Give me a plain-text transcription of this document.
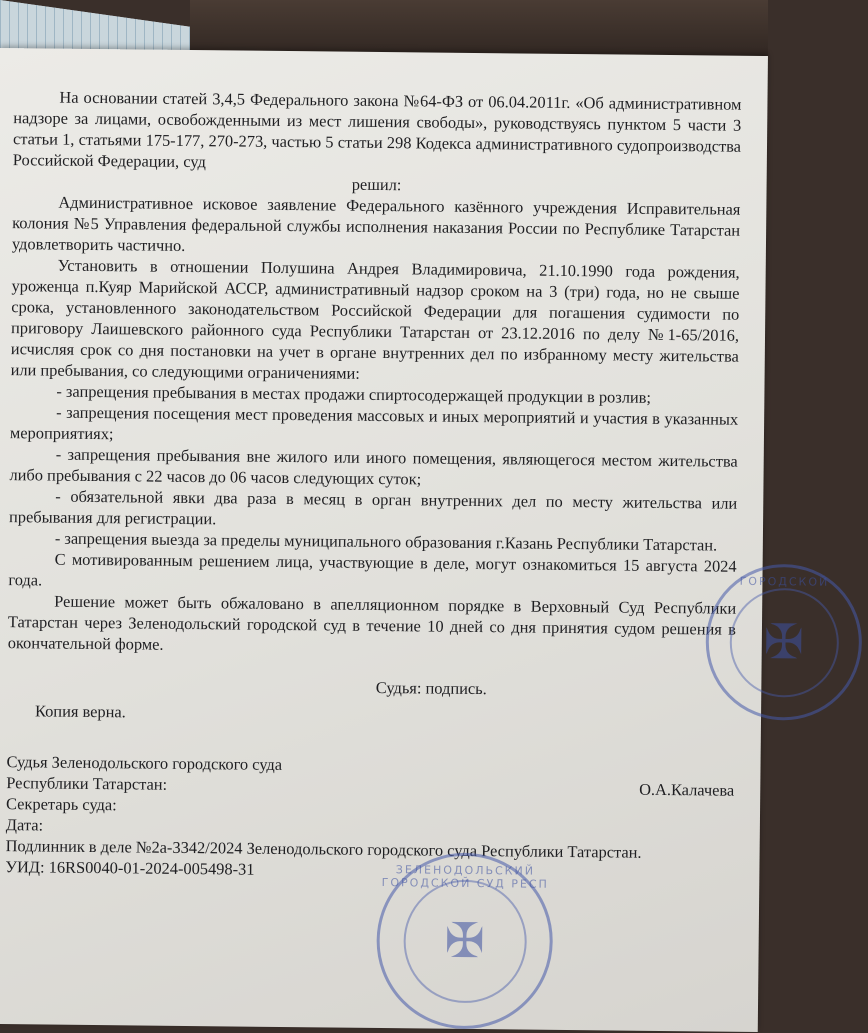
На основании статей 3,4,5 Федерального закона №64-ФЗ от 06.04.2011г. «Об административном надзоре за лицами, освобожденными из мест лишения свободы», руководствуясь пунктом 5 части 3 статьи 1, статьями 175-177, 270-273, частью 5 статьи 298 Кодекса административного судопроизводства Российской Федерации, суд

решил:

Административное исковое заявление Федерального казённого учреждения Исправительная колония №5 Управления федеральной службы исполнения наказания России по Республике Татарстан удовлетворить частично.

Установить в отношении Полушина Андрея Владимировича, 21.10.1990 года рождения, уроженца п.Куяр Марийской АССР, административный надзор сроком на 3 (три) года, но не свыше срока, установленного законодательством Российской Федерации для погашения судимости по приговору Лаишевского районного суда Республики Татарстан от 23.12.2016 по делу №1-65/2016, исчисляя срок со дня постановки на учет в органе внутренних дел по избранному месту жительства или пребывания, со следующими ограничениями:

- запрещения пребывания в местах продажи спиртосодержащей продукции в розлив;

- запрещения посещения мест проведения массовых и иных мероприятий и участия в указанных мероприятиях;

- запрещения пребывания вне жилого или иного помещения, являющегося местом жительства либо пребывания с 22 часов до 06 часов следующих суток;

- обязательной явки два раза в месяц в орган внутренних дел по месту жительства или пребывания для регистрации.

- запрещения выезда за пределы муниципального образования г.Казань Республики Татарстан.

С мотивированным решением лица, участвующие в деле, могут ознакомиться 15 августа 2024 года.

Решение может быть обжаловано в апелляционном порядке в Верховный Суд Республики Татарстан через Зеленодольский городской суд в течение 10 дней со дня принятия судом решения в окончательной форме.

Судья: подпись.
Копия верна.

Судья Зеленодольского городского суда

Республики Татарстан:	О.А.Калачева

Секретарь суда:

Дата:

Подлинник в деле №2а-3342/2024 Зеленодольского городского суда Республики Татарстан.

УИД: 16RS0040-01-2024-005498-31

ГОРОДСКОЙ
✠
ЗЕЛЕНОДОЛЬСКИЙ ГОРОДСКОЙ СУД РЕСП
✠
